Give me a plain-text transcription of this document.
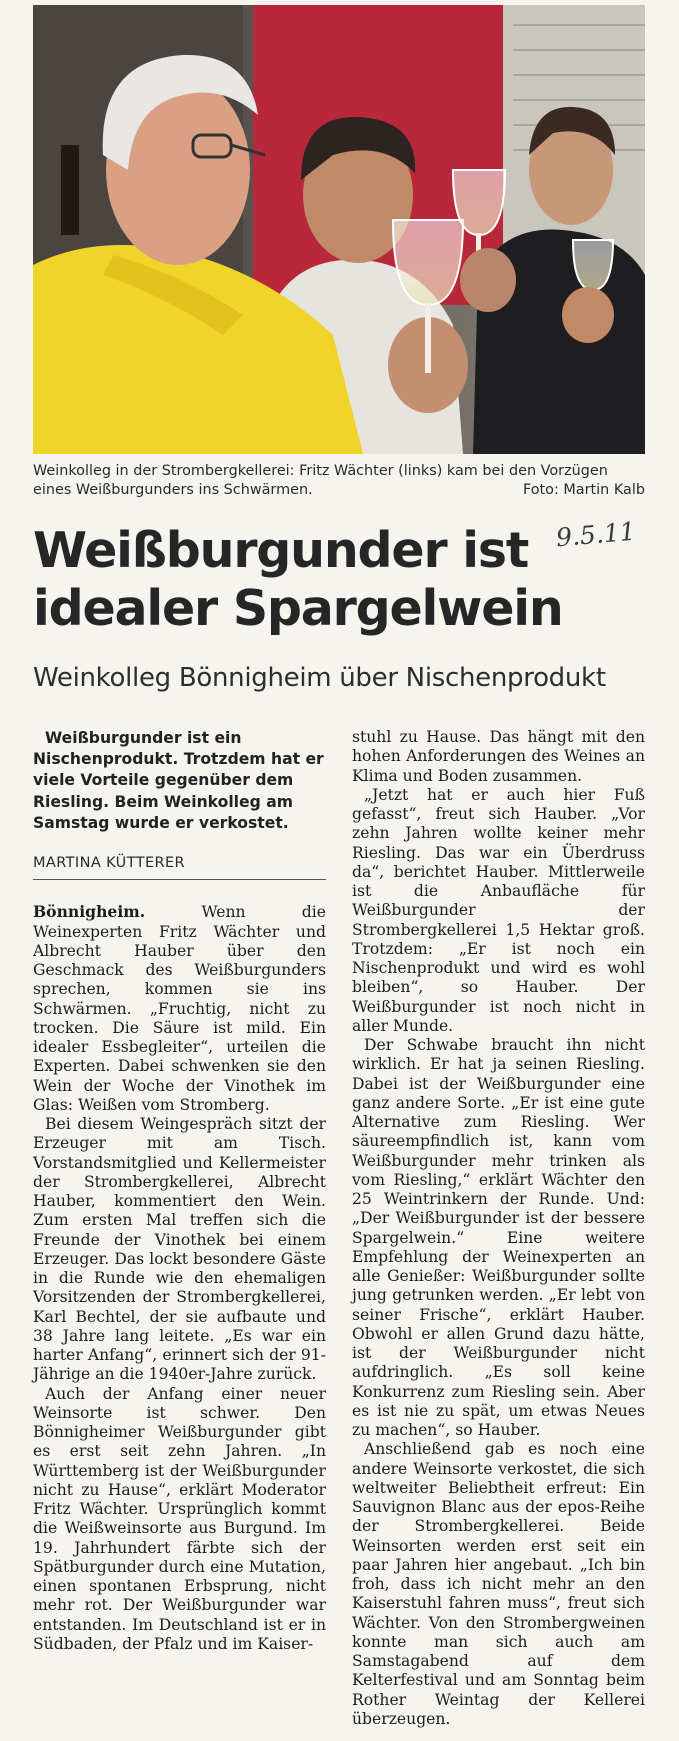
Weinkolleg in der Strombergkellerei: Fritz Wächter (links) kam bei den Vorzügen
eines Weißburgunders ins Schwärmen.	Foto: Martin Kalb
Weißburgunder ist
idealer Spargelwein
9.5.11
Weinkolleg Bönnigheim über Nischenprodukt

Weißburgunder ist ein Nischenprodukt. Trotzdem hat er viele Vorteile gegenüber dem Riesling. Beim Weinkolleg am Samstag wurde er verkostet.

MARTINA KÜTTERER

Bönnigheim.	Wenn die Weinexperten Fritz Wächter und Albrecht Hauber über den Geschmack des Weißburgunders sprechen, kommen sie ins Schwärmen. „Fruchtig, nicht zu trocken. Die Säure ist mild. Ein idealer Essbegleiter“, urteilen die Experten. Dabei schwenken sie den Wein der Woche der Vinothek im Glas: Weißen vom Stromberg.

Bei diesem Weingespräch sitzt der Erzeuger mit am Tisch. Vorstandsmitglied und Kellermeister der Strombergkellerei, Albrecht Hauber, kommentiert den Wein. Zum ersten Mal treffen sich die Freunde der Vinothek bei einem Erzeuger. Das lockt besondere Gäste in die Runde wie den ehemaligen Vorsitzenden der Strombergkellerei, Karl Bechtel, der sie aufbaute und 38 Jahre lang leitete. „Es war ein harter Anfang“, erinnert sich der 91-Jährige an die 1940er-Jahre zurück.

Auch der Anfang einer neuer Weinsorte ist schwer. Den Bönnigheimer Weißburgunder gibt es erst seit zehn Jahren. „In Württemberg ist der Weißburgunder nicht zu Hause“, erklärt Moderator Fritz Wächter. Ursprünglich kommt die Weißweinsorte aus Burgund. Im 19. Jahrhundert färbte sich der Spätburgunder durch eine Mutation, einen spontanen Erbsprung, nicht mehr rot. Der Weißburgunder war entstanden. Im Deutschland ist er in Südbaden, der Pfalz und im Kaiser-

stuhl zu Hause. Das hängt mit den hohen Anforderungen des Weines an Klima und Boden zusammen.

„Jetzt hat er auch hier Fuß gefasst“, freut sich Hauber. „Vor zehn Jahren wollte keiner mehr Riesling. Das war ein Überdruss da“, berichtet Hauber. Mittlerweile ist die Anbaufläche für Weißburgunder der Strombergkellerei 1,5 Hektar groß. Trotzdem: „Er ist noch ein Nischenprodukt und wird es wohl bleiben“, so Hauber. Der Weißburgunder ist noch nicht in aller Munde.

Der Schwabe braucht ihn nicht wirklich. Er hat ja seinen Riesling. Dabei ist der Weißburgunder eine ganz andere Sorte. „Er ist eine gute Alternative zum Riesling. Wer säureempfindlich ist, kann vom Weißburgunder mehr trinken als vom Riesling,“ erklärt Wächter den 25 Weintrinkern der Runde. Und: „Der Weißburgunder ist der bessere Spargelwein.“ Eine weitere Empfehlung der Weinexperten an alle Genießer: Weißburgunder sollte jung getrunken werden. „Er lebt von seiner Frische“, erklärt Hauber. Obwohl er allen Grund dazu hätte, ist der Weißburgunder nicht aufdringlich. „Es soll keine Konkurrenz zum Riesling sein. Aber es ist nie zu spät, um etwas Neues zu machen“, so Hauber.

Anschließend gab es noch eine andere Weinsorte verkostet, die sich weltweiter Beliebtheit erfreut: Ein Sauvignon Blanc aus der epos-Reihe der Strombergkellerei. Beide Weinsorten werden erst seit ein paar Jahren hier angebaut. „Ich bin froh, dass ich nicht mehr an den Kaiserstuhl fahren muss“, freut sich Wächter. Von den Strombergweinen konnte man sich auch am Samstagabend auf dem Kelterfestival und am Sonntag beim Rother Weintag der Kellerei überzeugen.
